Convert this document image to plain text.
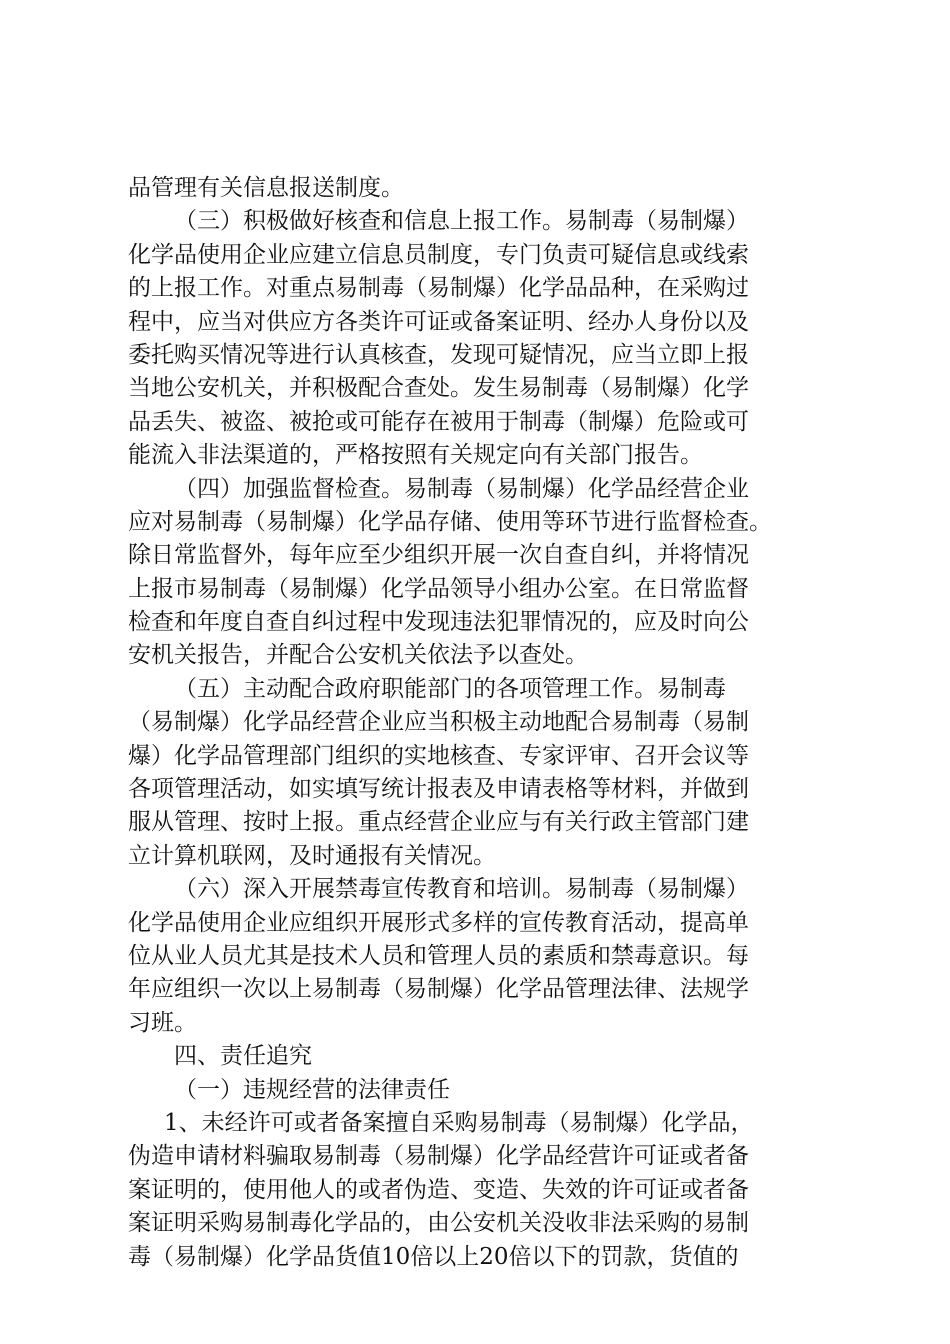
品管理有关信息报送制度。
（三）积极做好核查和信息上报工作。易制毒（易制爆）
化学品使用企业应建立信息员制度，专门负责可疑信息或线索
的上报工作。对重点易制毒（易制爆）化学品品种，在采购过
程中，应当对供应方各类许可证或备案证明、经办人身份以及
委托购买情况等进行认真核查，发现可疑情况，应当立即上报
当地公安机关，并积极配合查处。发生易制毒（易制爆）化学
品丢失、被盗、被抢或可能存在被用于制毒（制爆）危险或可
能流入非法渠道的，严格按照有关规定向有关部门报告。
（四）加强监督检查。易制毒（易制爆）化学品经营企业
应对易制毒（易制爆）化学品存储、使用等环节进行监督检查。
除日常监督外，每年应至少组织开展一次自查自纠，并将情况
上报市易制毒（易制爆）化学品领导小组办公室。在日常监督
检查和年度自查自纠过程中发现违法犯罪情况的，应及时向公
安机关报告，并配合公安机关依法予以查处。
（五）主动配合政府职能部门的各项管理工作。易制毒
（易制爆）化学品经营企业应当积极主动地配合易制毒（易制
爆）化学品管理部门组织的实地核查、专家评审、召开会议等
各项管理活动，如实填写统计报表及申请表格等材料，并做到
服从管理、按时上报。重点经营企业应与有关行政主管部门建
立计算机联网，及时通报有关情况。
（六）深入开展禁毒宣传教育和培训。易制毒（易制爆）
化学品使用企业应组织开展形式多样的宣传教育活动，提高单
位从业人员尤其是技术人员和管理人员的素质和禁毒意识。每
年应组织一次以上易制毒（易制爆）化学品管理法律、法规学
习班。
四、责任追究
（一）违规经营的法律责任
1、未经许可或者备案擅自采购易制毒（易制爆）化学品，
伪造申请材料骗取易制毒（易制爆）化学品经营许可证或者备
案证明的，使用他人的或者伪造、变造、失效的许可证或者备
案证明采购易制毒化学品的，由公安机关没收非法采购的易制
毒（易制爆）化学品货值10倍以上20倍以下的罚款，货值的
